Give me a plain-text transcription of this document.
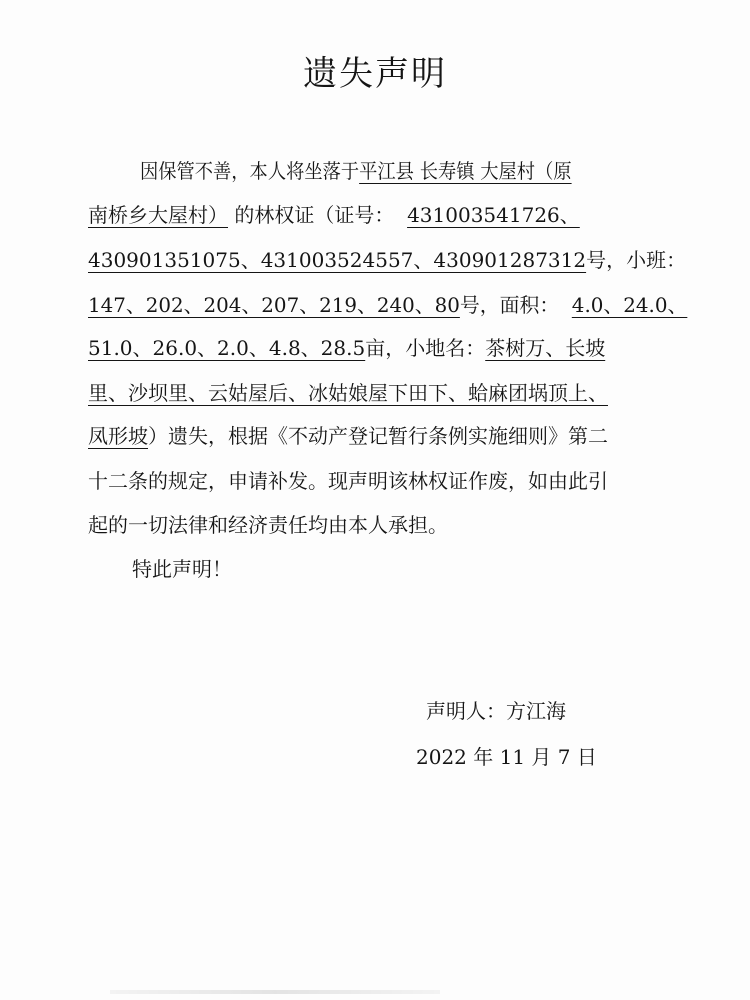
遗失声明
因保管不善，本人将坐落于平江县 长寿镇 大屋村（原
南桥乡大屋村） 的林权证（证号：  431003541726、
430901351075、431003524557、430901287312号，小班：
147、202、204、207、219、240、80号，面积：  4.0、24.0、
51.0、26.0、2.0、4.8、28.5亩，小地名：茶树万、长坡
里、沙坝里、云姑屋后、冰姑娘屋下田下、蛤麻团埚顶上、
凤形坡）遗失，根据《不动产登记暂行条例实施细则》第二
十二条的规定，申请补发。现声明该林权证作废，如由此引
起的一切法律和经济责任均由本人承担。
特此声明！
声明人：方江海
2022 年 11 月 7 日
